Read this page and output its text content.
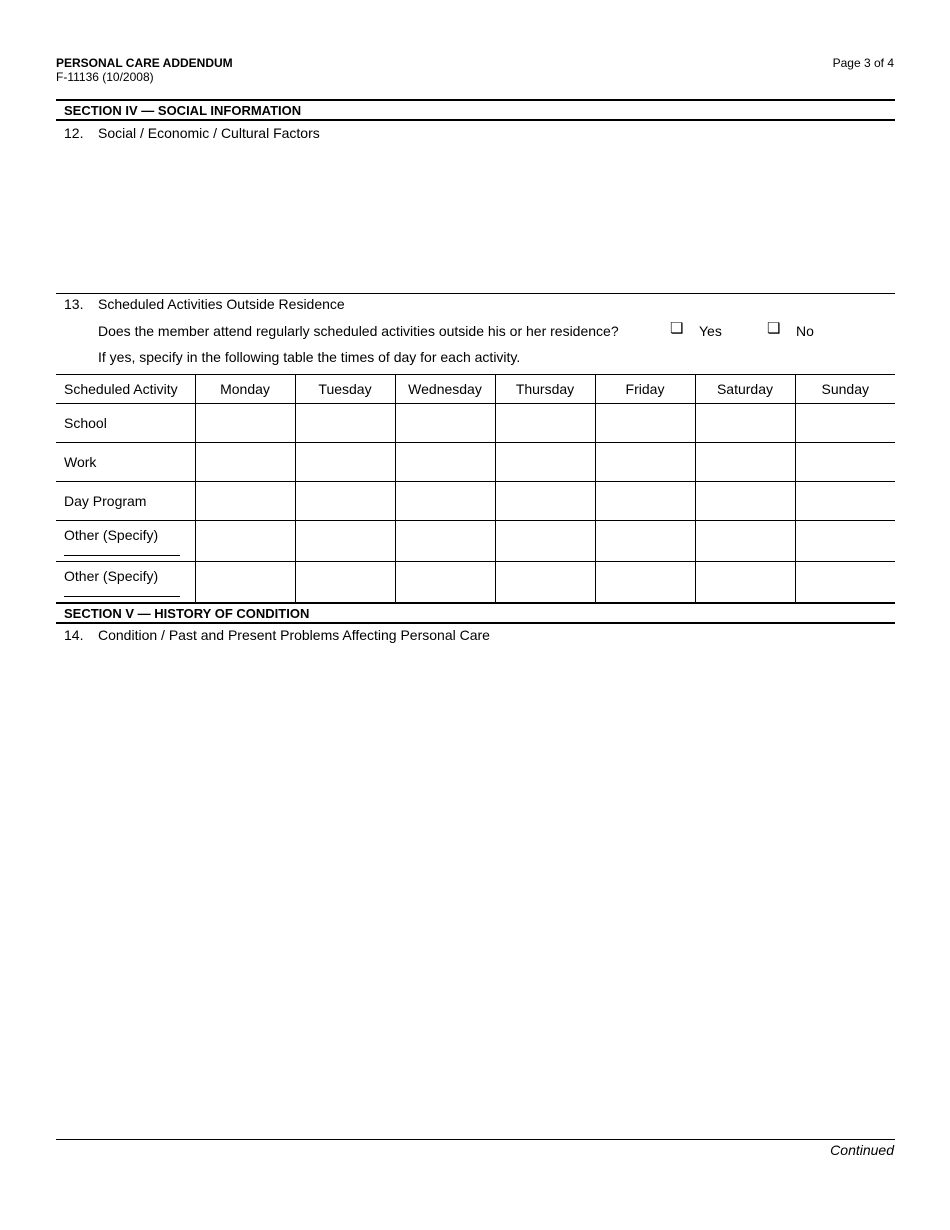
PERSONAL CARE ADDENDUM
F-11136 (10/2008)
Page 3 of 4
SECTION IV — SOCIAL INFORMATION
12. Social / Economic / Cultural Factors
13. Scheduled Activities Outside Residence
Does the member attend regularly scheduled activities outside his or her residence?	❏ Yes	❏ No
If yes, specify in the following table the times of day for each activity.
Scheduled Activity	Monday	Tuesday	Wednesday	Thursday	Friday	Saturday	Sunday
School							
Work							
Day Program							

Other (Specify)							

Other (Specify)							

SECTION V — HISTORY OF CONDITION
14. Condition / Past and Present Problems Affecting Personal Care
Continued
